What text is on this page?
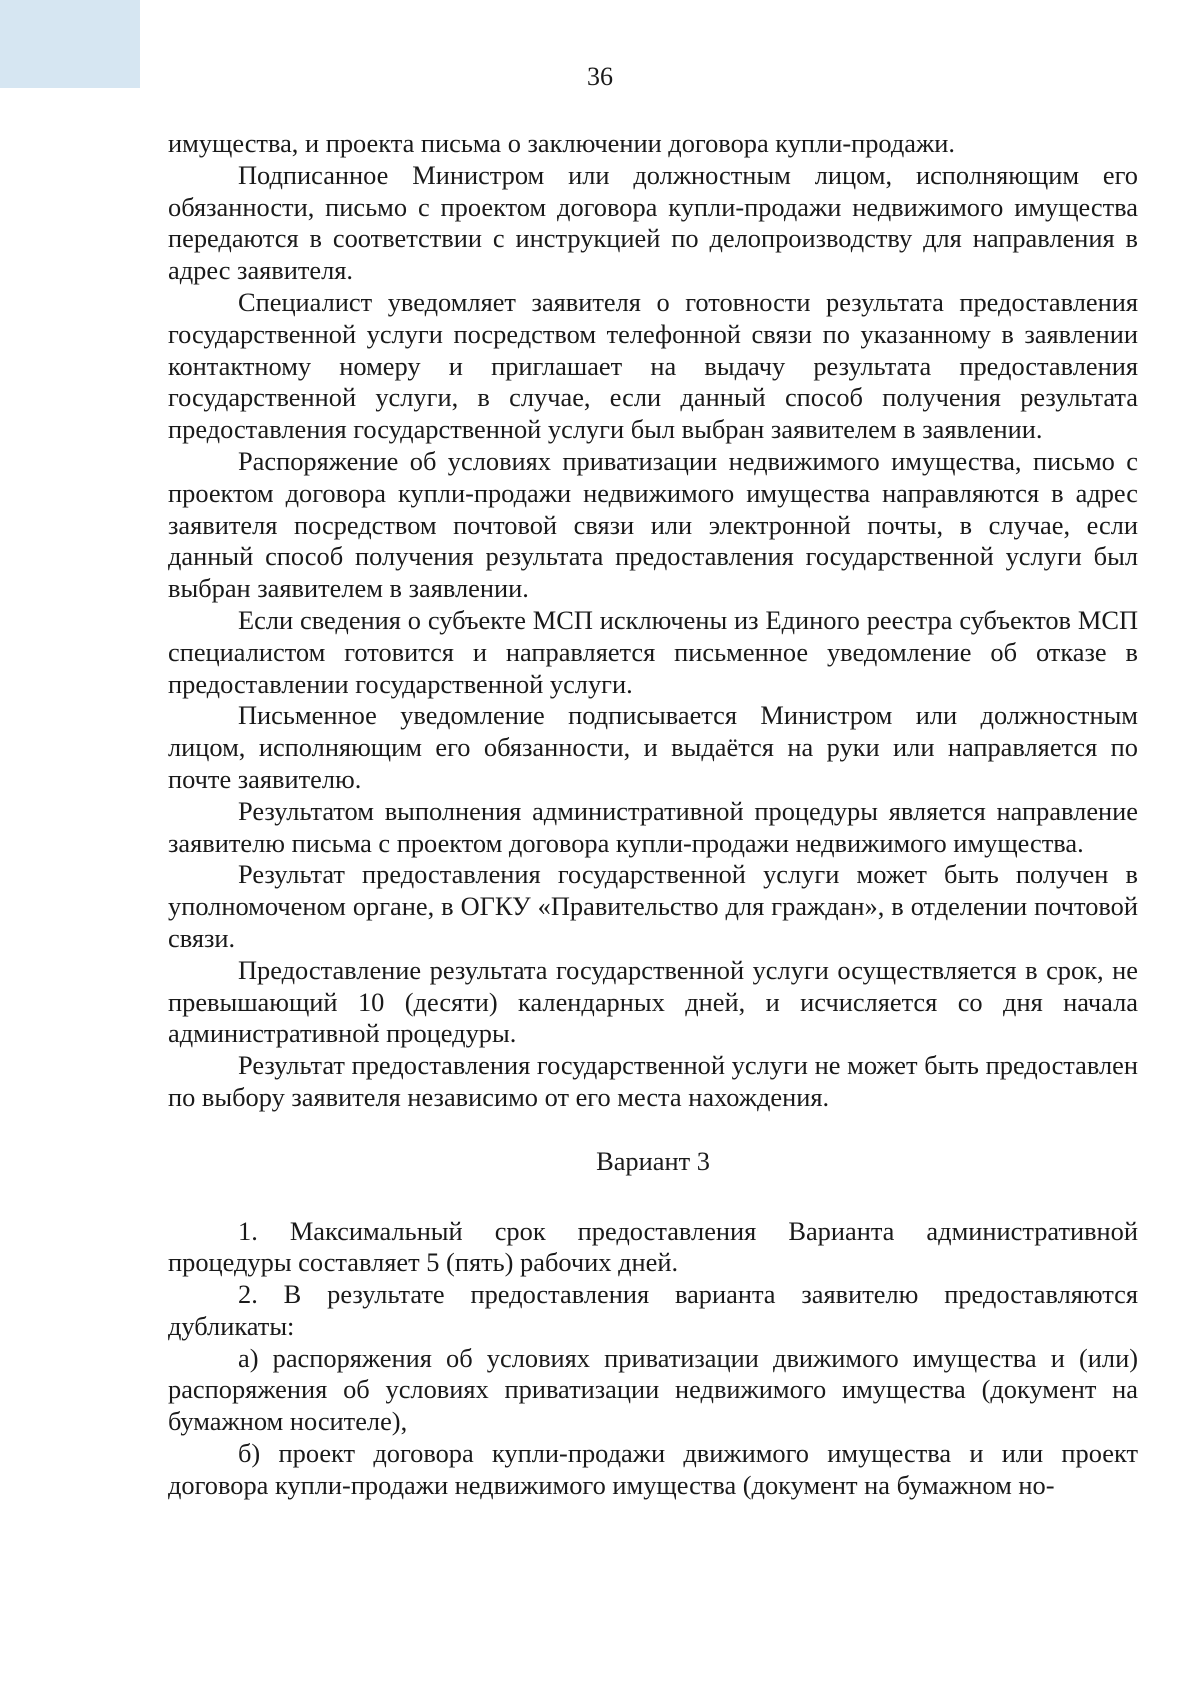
36

имущества, и проекта письма о заключении договора купли-продажи.

Подписанное Министром или должностным лицом, исполняющим его обязанности, письмо с проектом договора купли-продажи недвижимого имущества передаются в соответствии с инструкцией по делопроизводству для направления в адрес заявителя.

Специалист уведомляет заявителя о готовности результата предоставления государственной услуги посредством телефонной связи по указанному в заявлении контактному номеру и приглашает на выдачу результата предоставления государственной услуги, в случае, если данный способ получения результата предоставления государственной услуги был выбран заявителем в заявлении.

Распоряжение об условиях приватизации недвижимого имущества, письмо с проектом договора купли-продажи недвижимого имущества направляются в адрес заявителя посредством почтовой связи или электронной почты, в случае, если данный способ получения результата предоставления государственной услуги был выбран заявителем в заявлении.

Если сведения о субъекте МСП исключены из Единого реестра субъектов МСП специалистом готовится и направляется письменное уведомление об отказе в предоставлении государственной услуги.

Письменное уведомление подписывается Министром или должностным лицом, исполняющим его обязанности, и выдаётся на руки или направляется по почте заявителю.

Результатом выполнения административной процедуры является направление заявителю письма с проектом договора купли-продажи недвижимого имущества.

Результат предоставления государственной услуги может быть получен в уполномоченом органе, в ОГКУ «Правительство для граждан», в отделении почтовой связи.

Предоставление результата государственной услуги осуществляется в срок, не превышающий 10 (десяти) календарных дней, и исчисляется со дня начала административной процедуры.

Результат предоставления государственной услуги не может быть предоставлен по выбору заявителя независимо от его места нахождения.

Вариант 3

1. Максимальный срок предоставления Варианта административной процедуры составляет 5 (пять) рабочих дней.

2. В результате предоставления варианта заявителю предоставляются дубликаты:

а) распоряжения об условиях приватизации движимого имущества и (или) распоряжения об условиях приватизации недвижимого имущества (документ на бумажном носителе),

б) проект договора купли-продажи движимого имущества и или проект договора купли-продажи недвижимого имущества (документ на бумажном но-
